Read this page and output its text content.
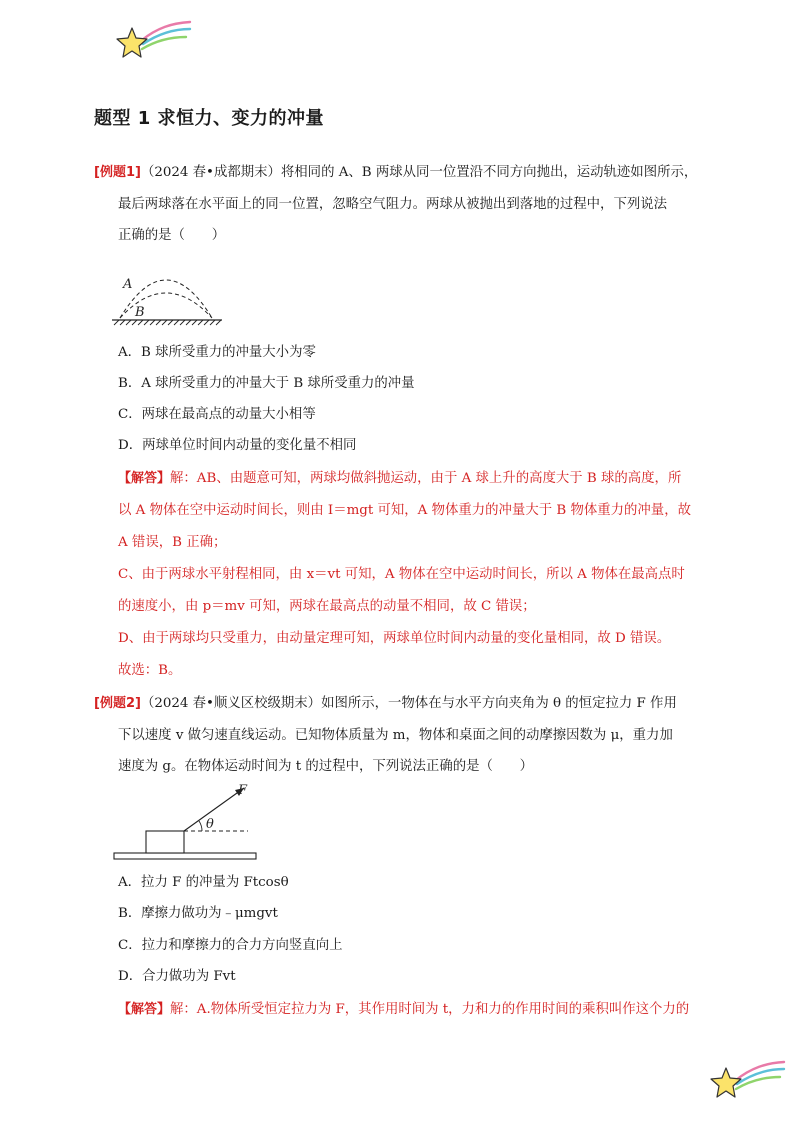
题型 1 求恒力、变力的冲量
[例题1]（2024 春•成都期末）将相同的 A、B 两球从同一位置沿不同方向抛出，运动轨迹如图所示，
最后两球落在水平面上的同一位置，忽略空气阻力。两球从被抛出到落地的过程中，下列说法
正确的是（　　）
A
B
A．B 球所受重力的冲量大小为零
B．A 球所受重力的冲量大于 B 球所受重力的冲量
C．两球在最高点的动量大小相等
D．两球单位时间内动量的变化量不相同
【解答】解：AB、由题意可知，两球均做斜抛运动，由于 A 球上升的高度大于 B 球的高度，所
以 A 物体在空中运动时间长，则由 I＝mgt 可知，A 物体重力的冲量大于 B 物体重力的冲量，故
A 错误，B 正确；
C、由于两球水平射程相同，由 x＝vt 可知，A 物体在空中运动时间长，所以 A 物体在最高点时
的速度小，由 p＝mv 可知，两球在最高点的动量不相同，故 C 错误；
D、由于两球均只受重力，由动量定理可知，两球单位时间内动量的变化量相同，故 D 错误。
故选：B。
[例题2]（2024 春•顺义区校级期末）如图所示，一物体在与水平方向夹角为 θ 的恒定拉力 F 作用
下以速度 v 做匀速直线运动。已知物体质量为 m，物体和桌面之间的动摩擦因数为 μ，重力加
速度为 g。在物体运动时间为 t 的过程中，下列说法正确的是（　　）
θ
F
A．拉力 F 的冲量为 Ftcosθ
B．摩擦力做功为﹣μmgvt
C．拉力和摩擦力的合力方向竖直向上
D．合力做功为 Fvt
【解答】解：A.物体所受恒定拉力为 F，其作用时间为 t，力和力的作用时间的乘积叫作这个力的
